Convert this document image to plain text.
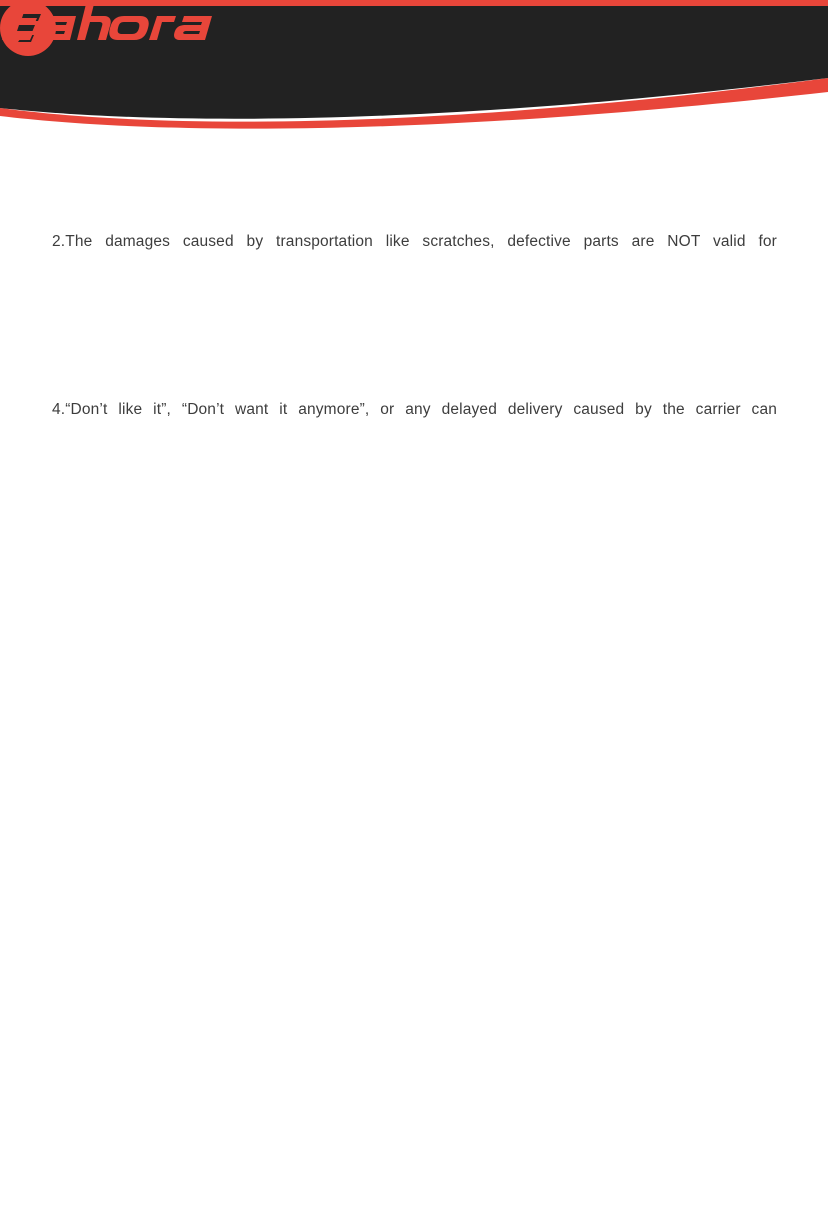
2.The damages caused by transportation like scratches, defective parts are NOT valid for
4.“Don’t like it”, “Don’t want it anymore”, or any delayed delivery caused by the carrier can
